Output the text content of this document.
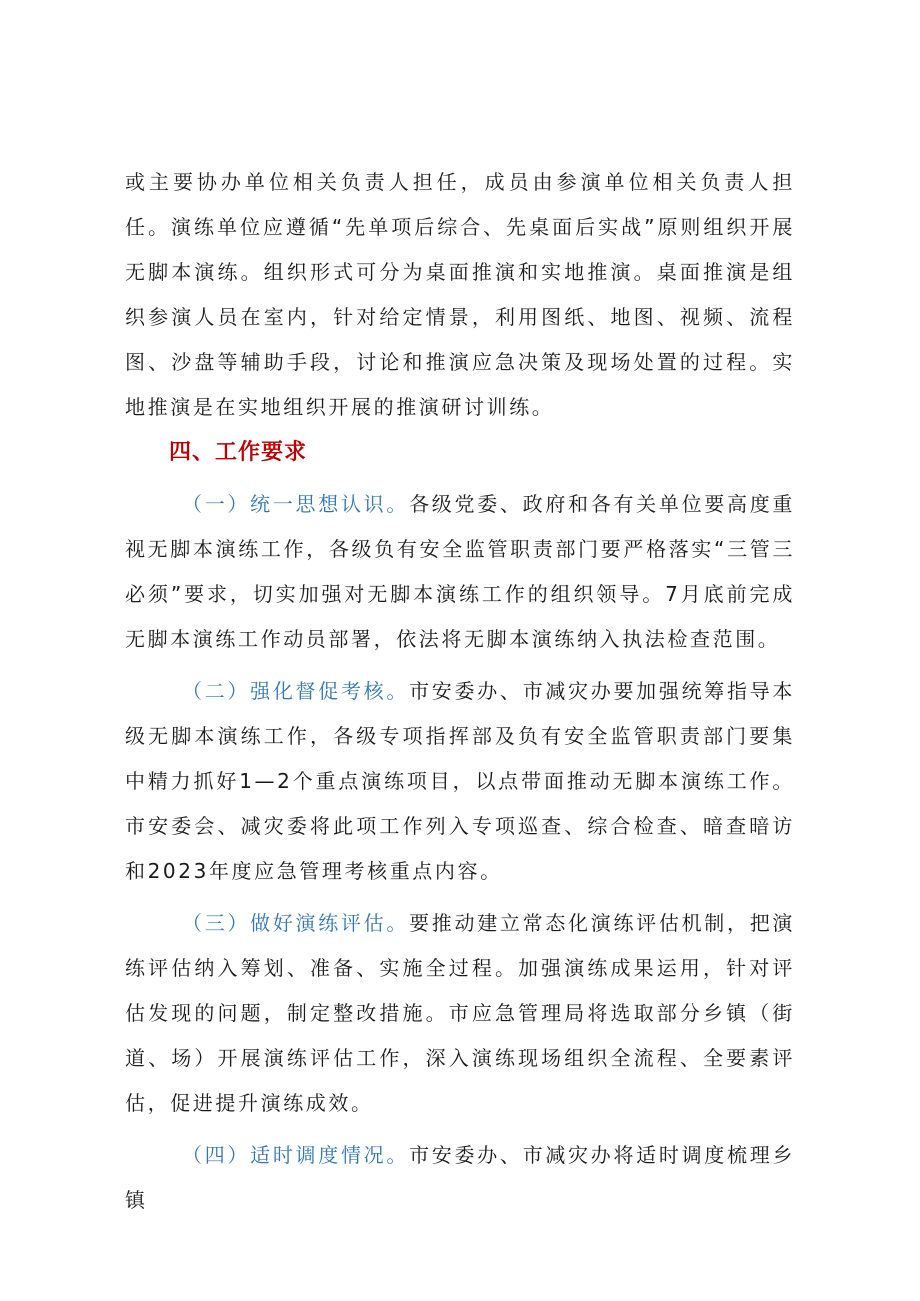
或主要协办单位相关负责人担任，成员由参演单位相关负责人担任。演练单位应遵循“先单项后综合、先桌面后实战”原则组织开展无脚本演练。组织形式可分为桌面推演和实地推演。桌面推演是组织参演人员在室内，针对给定情景，利用图纸、地图、视频、流程图、沙盘等辅助手段，讨论和推演应急决策及现场处置的过程。实地推演是在实地组织开展的推演研讨训练。

四、工作要求

（一）统一思想认识。各级党委、政府和各有关单位要高度重视无脚本演练工作，各级负有安全监管职责部门要严格落实“三管三必须”要求，切实加强对无脚本演练工作的组织领导。7月底前完成无脚本演练工作动员部署，依法将无脚本演练纳入执法检查范围。

（二）强化督促考核。市安委办、市减灾办要加强统筹指导本级无脚本演练工作，各级专项指挥部及负有安全监管职责部门要集中精力抓好1—2个重点演练项目，以点带面推动无脚本演练工作。市安委会、减灾委将此项工作列入专项巡查、综合检查、暗查暗访和2023年度应急管理考核重点内容。

（三）做好演练评估。要推动建立常态化演练评估机制，把演练评估纳入筹划、准备、实施全过程。加强演练成果运用，针对评估发现的问题，制定整改措施。市应急管理局将选取部分乡镇（街道、场）开展演练评估工作，深入演练现场组织全流程、全要素评估，促进提升演练成效。

（四）适时调度情况。市安委办、市减灾办将适时调度梳理乡镇
